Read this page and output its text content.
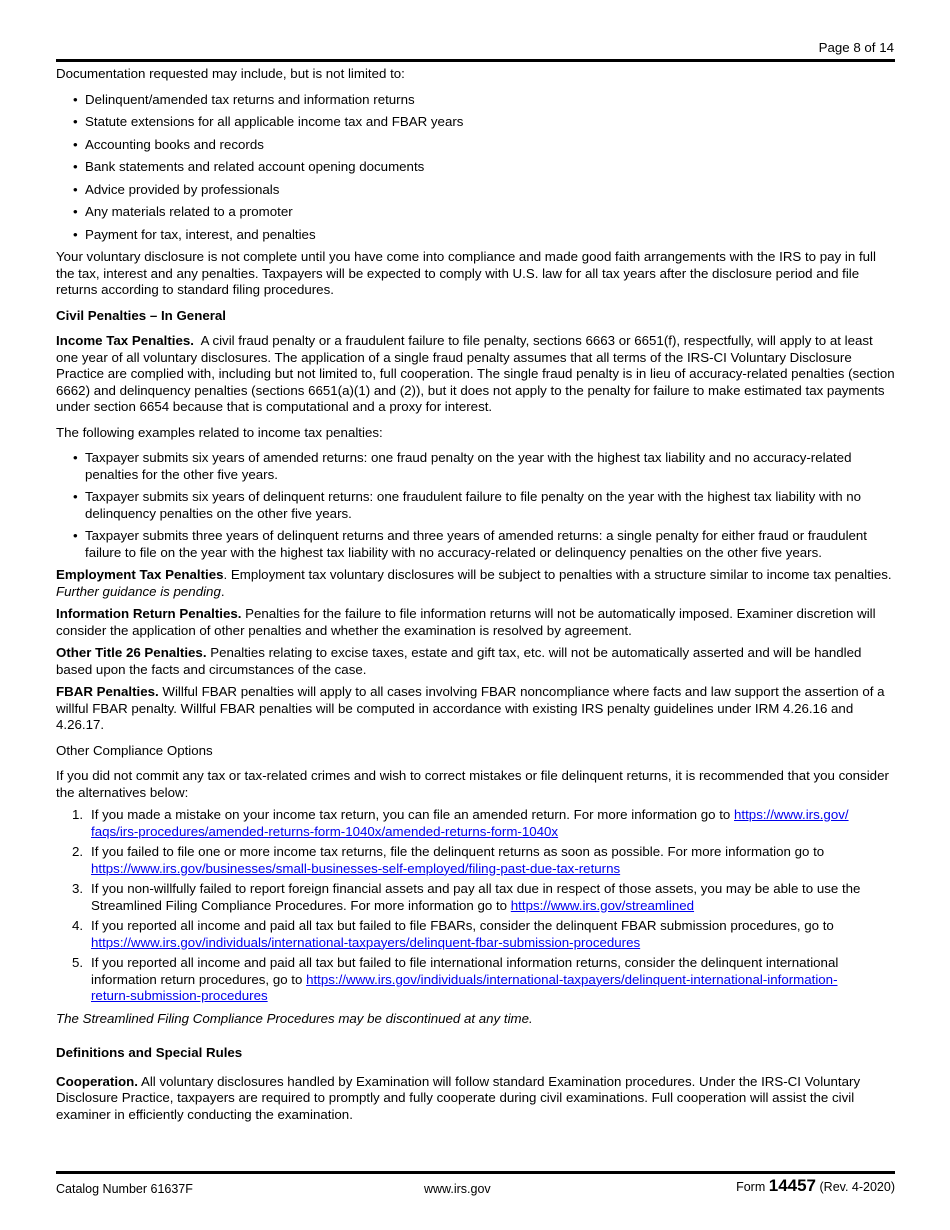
Page 8 of 14

Documentation requested may include, but is not limited to:

• Delinquent/amended tax returns and information returns
• Statute extensions for all applicable income tax and FBAR years
• Accounting books and records
• Bank statements and related account opening documents
• Advice provided by professionals
• Any materials related to a promoter
• Payment for tax, interest, and penalties

Your voluntary disclosure is not complete until you have come into compliance and made good faith arrangements with the IRS to pay in full the tax, interest and any penalties. Taxpayers will be expected to comply with U.S. law for all tax years after the disclosure period and file returns according to standard filing procedures.

Civil Penalties – In General

Income Tax Penalties. A civil fraud penalty or a fraudulent failure to file penalty, sections 6663 or 6651(f), respectfully, will apply to at least one year of all voluntary disclosures. The application of a single fraud penalty assumes that all terms of the IRS-CI Voluntary Disclosure Practice are complied with, including but not limited to, full cooperation. The single fraud penalty is in lieu of accuracy-related penalties (section 6662) and delinquency penalties (sections 6651(a)(1) and (2)), but it does not apply to the penalty for failure to make estimated tax payments under section 6654 because that is computational and a proxy for interest.

The following examples related to income tax penalties:

• Taxpayer submits six years of amended returns: one fraud penalty on the year with the highest tax liability and no accuracy-related penalties for the other five years.
• Taxpayer submits six years of delinquent returns: one fraudulent failure to file penalty on the year with the highest tax liability with no delinquency penalties on the other five years.
• Taxpayer submits three years of delinquent returns and three years of amended returns: a single penalty for either fraud or fraudulent failure to file on the year with the highest tax liability with no accuracy-related or delinquency penalties on the other five years.

Employment Tax Penalties. Employment tax voluntary disclosures will be subject to penalties with a structure similar to income tax penalties. Further guidance is pending.

Information Return Penalties. Penalties for the failure to file information returns will not be automatically imposed. Examiner discretion will consider the application of other penalties and whether the examination is resolved by agreement.

Other Title 26 Penalties. Penalties relating to excise taxes, estate and gift tax, etc. will not be automatically asserted and will be handled based upon the facts and circumstances of the case.

FBAR Penalties. Willful FBAR penalties will apply to all cases involving FBAR noncompliance where facts and law support the assertion of a willful FBAR penalty. Willful FBAR penalties will be computed in accordance with existing IRS penalty guidelines under IRM 4.26.16 and 4.26.17.

Other Compliance Options

If you did not commit any tax or tax-related crimes and wish to correct mistakes or file delinquent returns, it is recommended that you consider the alternatives below:

1. If you made a mistake on your income tax return, you can file an amended return. For more information go to https://www.irs.gov/
faqs/irs-procedures/amended-returns-form-1040x/amended-returns-form-1040x
2. If you failed to file one or more income tax returns, file the delinquent returns as soon as possible. For more information go to
https://www.irs.gov/businesses/small-businesses-self-employed/filing-past-due-tax-returns
3. If you non-willfully failed to report foreign financial assets and pay all tax due in respect of those assets, you may be able to use the Streamlined Filing Compliance Procedures. For more information go to https://www.irs.gov/streamlined
4. If you reported all income and paid all tax but failed to file FBARs, consider the delinquent FBAR submission procedures, go to
https://www.irs.gov/individuals/international-taxpayers/delinquent-fbar-submission-procedures
5. If you reported all income and paid all tax but failed to file international information returns, consider the delinquent international information return procedures, go to https://www.irs.gov/individuals/international-taxpayers/delinquent-international-information-
return-submission-procedures

The Streamlined Filing Compliance Procedures may be discontinued at any time.

Definitions and Special Rules

Cooperation. All voluntary disclosures handled by Examination will follow standard Examination procedures. Under the IRS-CI Voluntary Disclosure Practice, taxpayers are required to promptly and fully cooperate during civil examinations. Full cooperation will assist the civil examiner in efficiently conducting the examination.

Catalog Number 61637F	www.irs.gov	Form 14457 (Rev. 4-2020)
